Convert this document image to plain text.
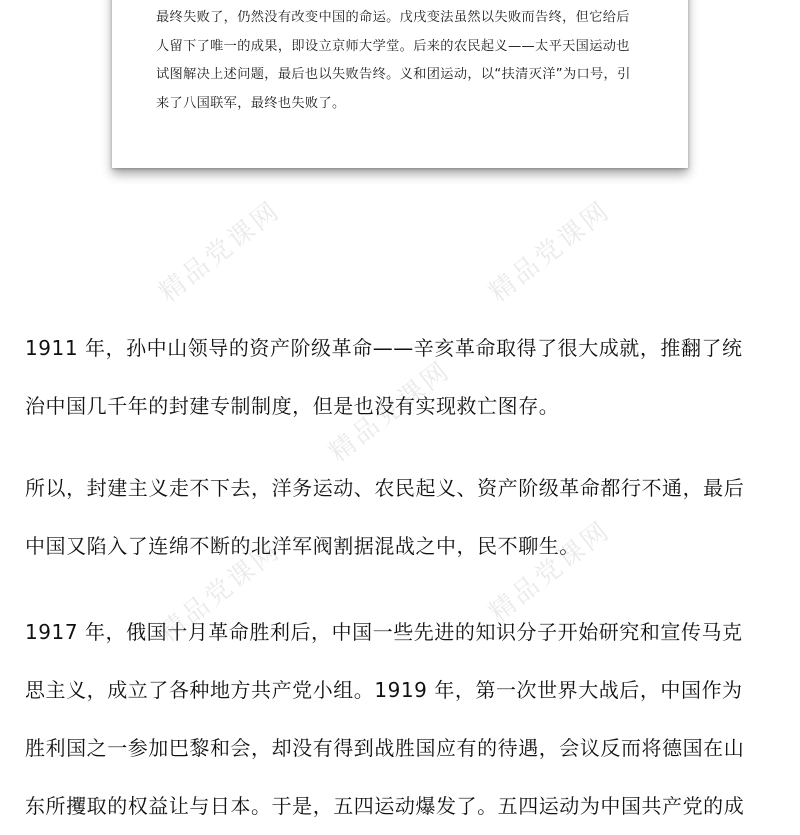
精品党课网	精品党课网
精品党课网
精品党课网	精品党课网
最终失败了，仍然没有改变中国的命运。戊戌变法虽然以失败而告终，但它给后
人留下了唯一的成果，即设立京师大学堂。后来的农民起义——太平天国运动也
试图解决上述问题，最后也以失败告终。义和团运动，以“扶清灭洋”为口号，引
来了八国联军，最终也失败了。
1911 年，孙中山领导的资产阶级革命——辛亥革命取得了很大成就，推翻了统
治中国几千年的封建专制制度，但是也没有实现救亡图存。
所以，封建主义走不下去，洋务运动、农民起义、资产阶级革命都行不通，最后
中国又陷入了连绵不断的北洋军阀割据混战之中，民不聊生。
1917 年，俄国十月革命胜利后，中国一些先进的知识分子开始研究和宣传马克
思主义，成立了各种地方共产党小组。1919 年，第一次世界大战后，中国作为
胜利国之一参加巴黎和会，却没有得到战胜国应有的待遇，会议反而将德国在山
东所攫取的权益让与日本。于是，五四运动爆发了。五四运动为中国共产党的成
